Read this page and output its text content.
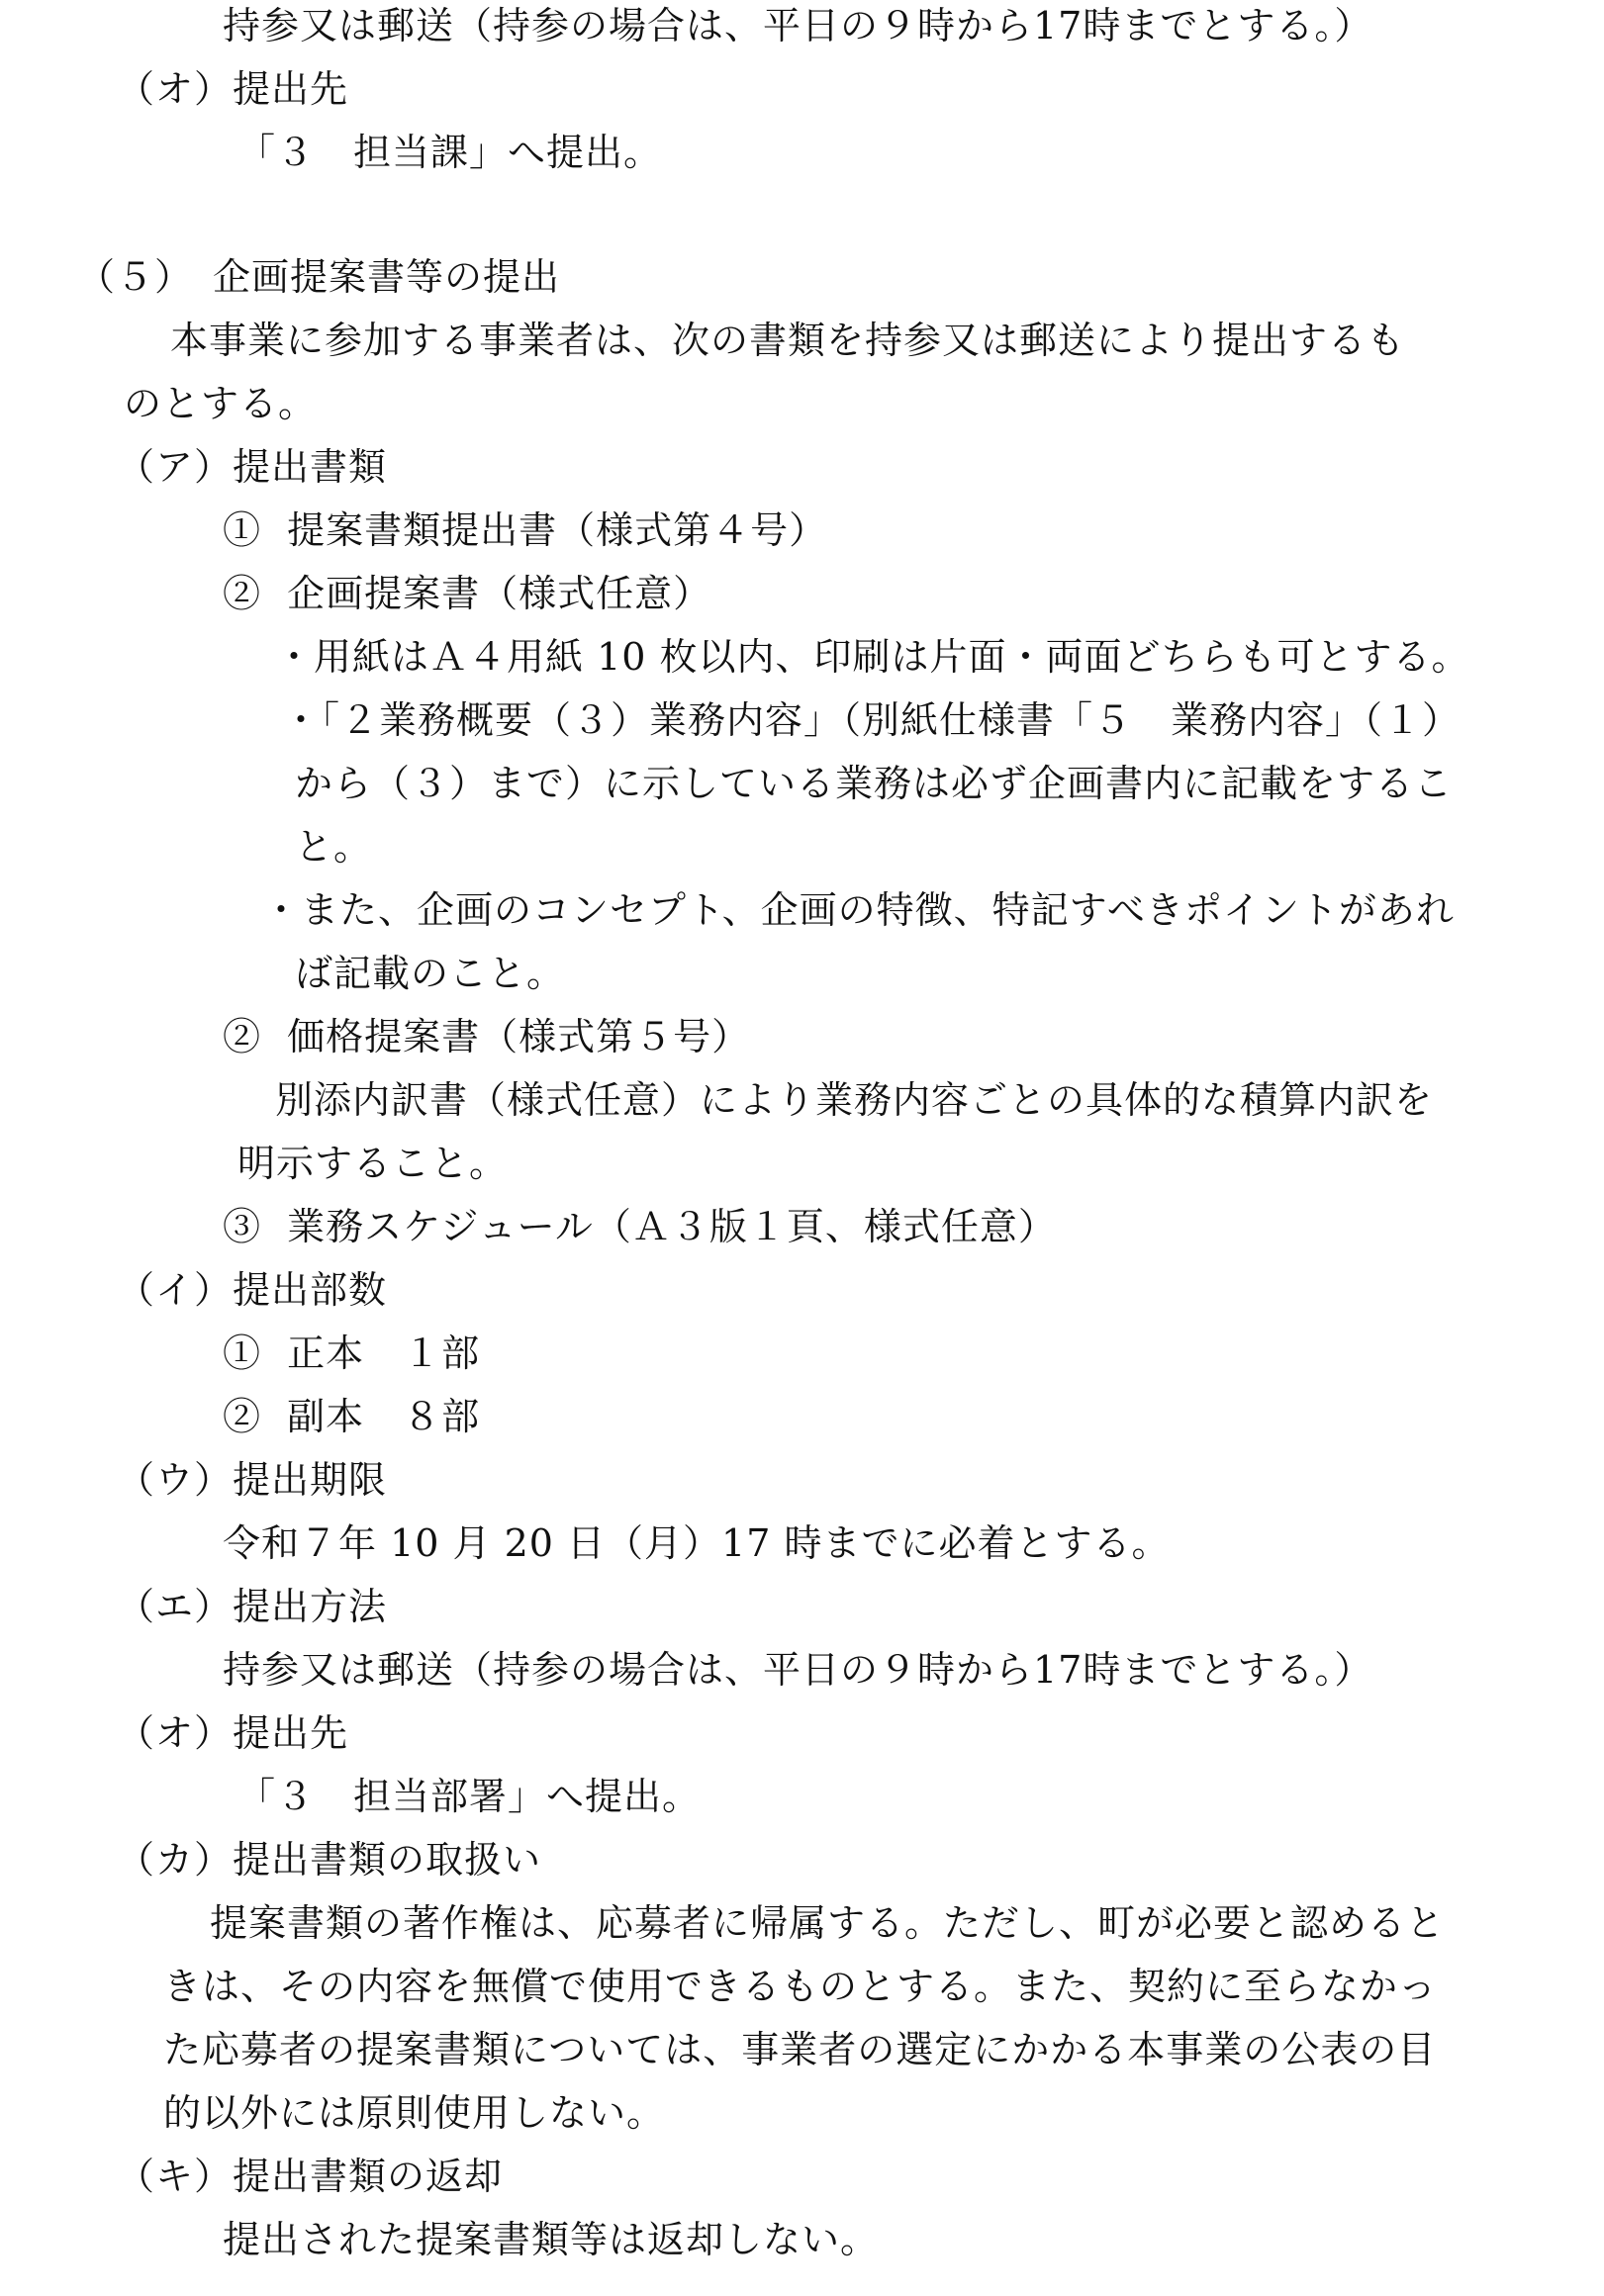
持参又は郵送（持参の場合は、平日の９時から17時までとする。）
（オ）提出先
「３　担当課」へ提出。
（５）　企画提案書等の提出
本事業に参加する事業者は、次の書類を持参又は郵送により提出するも
のとする。
（ア）提出書類
①  提案書類提出書（様式第４号）
②  企画提案書（様式任意）
・用紙はＡ４用紙 10 枚以内、印刷は片面・両面どちらも可とする。
・「２業務概要（３）業務内容」（別紙仕様書「５　業務内容」（１）
から（３）まで）に示している業務は必ず企画書内に記載をするこ
と。
・また、企画のコンセプト、企画の特徴、特記すべきポイントがあれ
ば記載のこと。
②  価格提案書（様式第５号）
別添内訳書（様式任意）により業務内容ごとの具体的な積算内訳を
明示すること。
③  業務スケジュール（Ａ３版１頁、様式任意）
（イ）提出部数
①  正本　１部
②  副本　８部
（ウ）提出期限
令和７年 10 月 20 日（月）17 時までに必着とする。
（エ）提出方法
持参又は郵送（持参の場合は、平日の９時から17時までとする。）
（オ）提出先
「３　担当部署」へ提出。
（カ）提出書類の取扱い
提案書類の著作権は、応募者に帰属する。ただし、町が必要と認めると
きは、その内容を無償で使用できるものとする。また、契約に至らなかっ
た応募者の提案書類については、事業者の選定にかかる本事業の公表の目
的以外には原則使用しない。
（キ）提出書類の返却
提出された提案書類等は返却しない。
